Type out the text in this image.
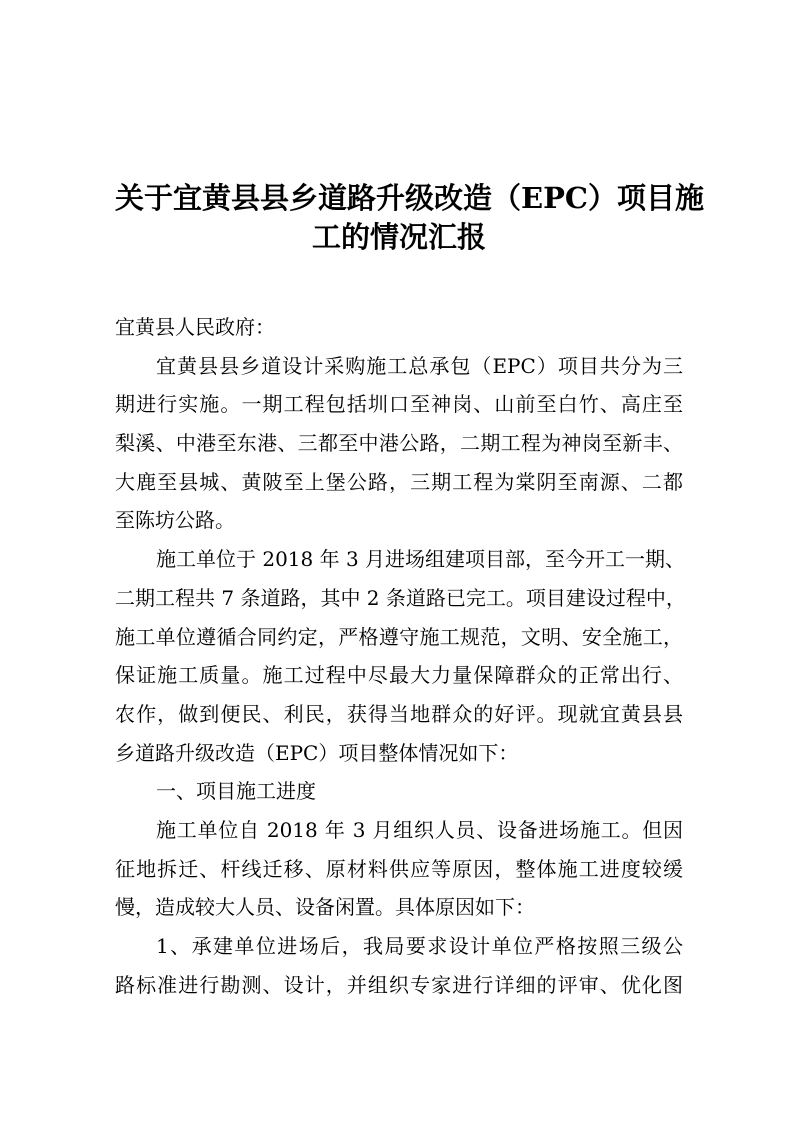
关于宜黄县县乡道路升级改造（EPC）项目施
工的情况汇报
宜黄县人民政府：
宜黄县县乡道设计采购施工总承包（EPC）项目共分为三
期进行实施。一期工程包括圳口至神岗、山前至白竹、高庄至
梨溪、中港至东港、三都至中港公路，二期工程为神岗至新丰、
大鹿至县城、黄陂至上堡公路，三期工程为棠阴至南源、二都
至陈坊公路。
施工单位于 2018 年 3 月进场组建项目部，至今开工一期、
二期工程共 7 条道路，其中 2 条道路已完工。项目建设过程中，
施工单位遵循合同约定，严格遵守施工规范，文明、安全施工，
保证施工质量。施工过程中尽最大力量保障群众的正常出行、
农作，做到便民、利民，获得当地群众的好评。现就宜黄县县
乡道路升级改造（EPC）项目整体情况如下：
一、项目施工进度
施工单位自 2018 年 3 月组织人员、设备进场施工。但因
征地拆迁、杆线迁移、原材料供应等原因，整体施工进度较缓
慢，造成较大人员、设备闲置。具体原因如下：
1、承建单位进场后，我局要求设计单位严格按照三级公
路标准进行勘测、设计，并组织专家进行详细的评审、优化图
